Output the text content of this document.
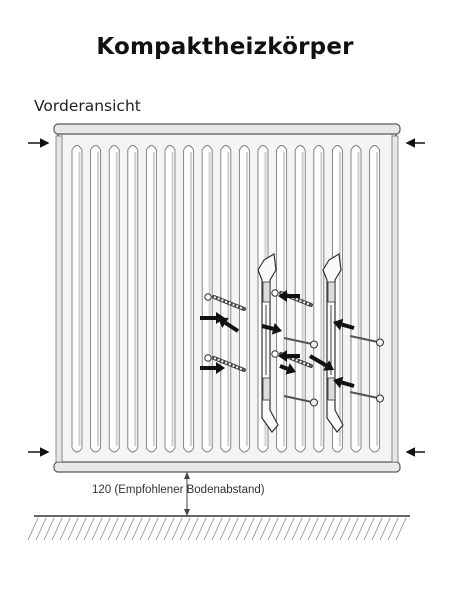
Kompaktheizkörper
Vorderansicht
120 (Empfohlener Bodenabstand)
